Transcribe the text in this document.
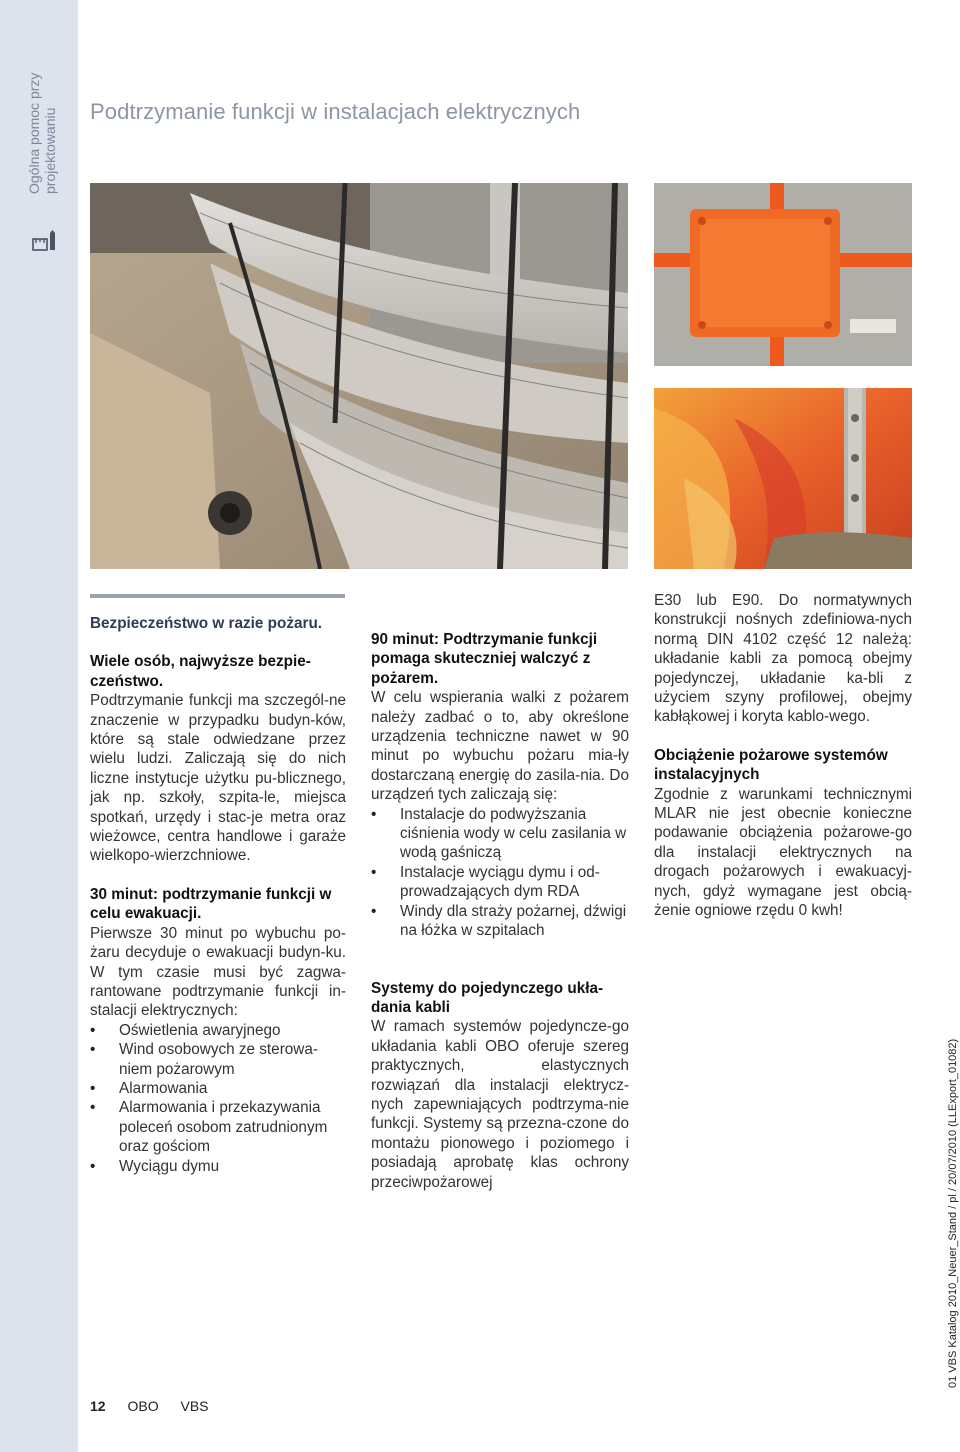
Ogólna pomoc przy
projektowaniu Podtrzymanie funkcji w instalacjach elektrycznych

Bezpieczeństwo w razie pożaru.

Wiele osób, najwyższe bezpie-
czeństwo.

Podtrzymanie funkcji ma szczegól-ne znaczenie w przypadku budyn-ków, które są stale odwiedzane przez wielu ludzi. Zaliczają się do nich liczne instytucje użytku pu-blicznego, jak np. szkoły, szpita-le, miejsca spotkań, urzędy i stac-je metra oraz wieżowce, centra handlowe i garaże wielkopo-wierzchniowe.

30 minut: podtrzymanie funkcji w celu ewakuacji.

Pierwsze 30 minut po wybuchu po-żaru decyduje o ewakuacji budyn-ku. W tym czasie musi być zagwa-rantowane podtrzymanie funkcji in-stalacji elektrycznych:

• Oświetlenia awaryjnego
• Wind osobowych ze sterowa-niem pożarowym
• Alarmowania
• Alarmowania i przekazywania poleceń osobom zatrudnionym oraz gościom
• Wyciągu dymu

90 minut: Podtrzymanie funkcji pomaga skuteczniej walczyć z pożarem.

W celu wspierania walki z pożarem należy zadbać o to, aby określone urządzenia techniczne nawet w 90 minut po wybuchu pożaru mia-ły dostarczaną energię do zasila-nia. Do urządzeń tych zaliczają się:

• Instalacje do podwyższania ciśnienia wody w celu zasilania w wodą gaśniczą
• Instalacje wyciągu dymu i od-prowadzających dym RDA
• Windy dla straży pożarnej, dźwigi na łóżka w szpitalach

Systemy do pojedynczego ukła-dania kabli

W ramach systemów pojedyncze-go układania kabli OBO oferuje szereg praktycznych, elastycznych rozwiązań dla instalacji elektrycz-nych zapewniających podtrzyma-nie funkcji. Systemy są przezna-czone do montażu pionowego i poziomego i posiadają aprobatę klas ochrony przeciwpożarowej

E30 lub E90. Do normatywnych konstrukcji nośnych zdefiniowa-nych normą DIN 4102 część 12 należą: układanie kabli za pomocą obejmy pojedynczej, układanie ka-bli z użyciem szyny profilowej, obejmy kabłąkowej i koryta kablo-wego.

Obciążenie pożarowe systemów instalacyjnych

Zgodnie z warunkami technicznymi MLAR nie jest obecnie konieczne podawanie obciążenia pożarowe-go dla instalacji elektrycznych na drogach pożarowych i ewakuacyj-nych, gdyż wymagane jest obcią-żenie ogniowe rzędu 0 kwh!

12 OBO VBS
01 VBS Katalog 2010_Neuer_Stand / pl / 20/07/2010 (LLExport_01082)
